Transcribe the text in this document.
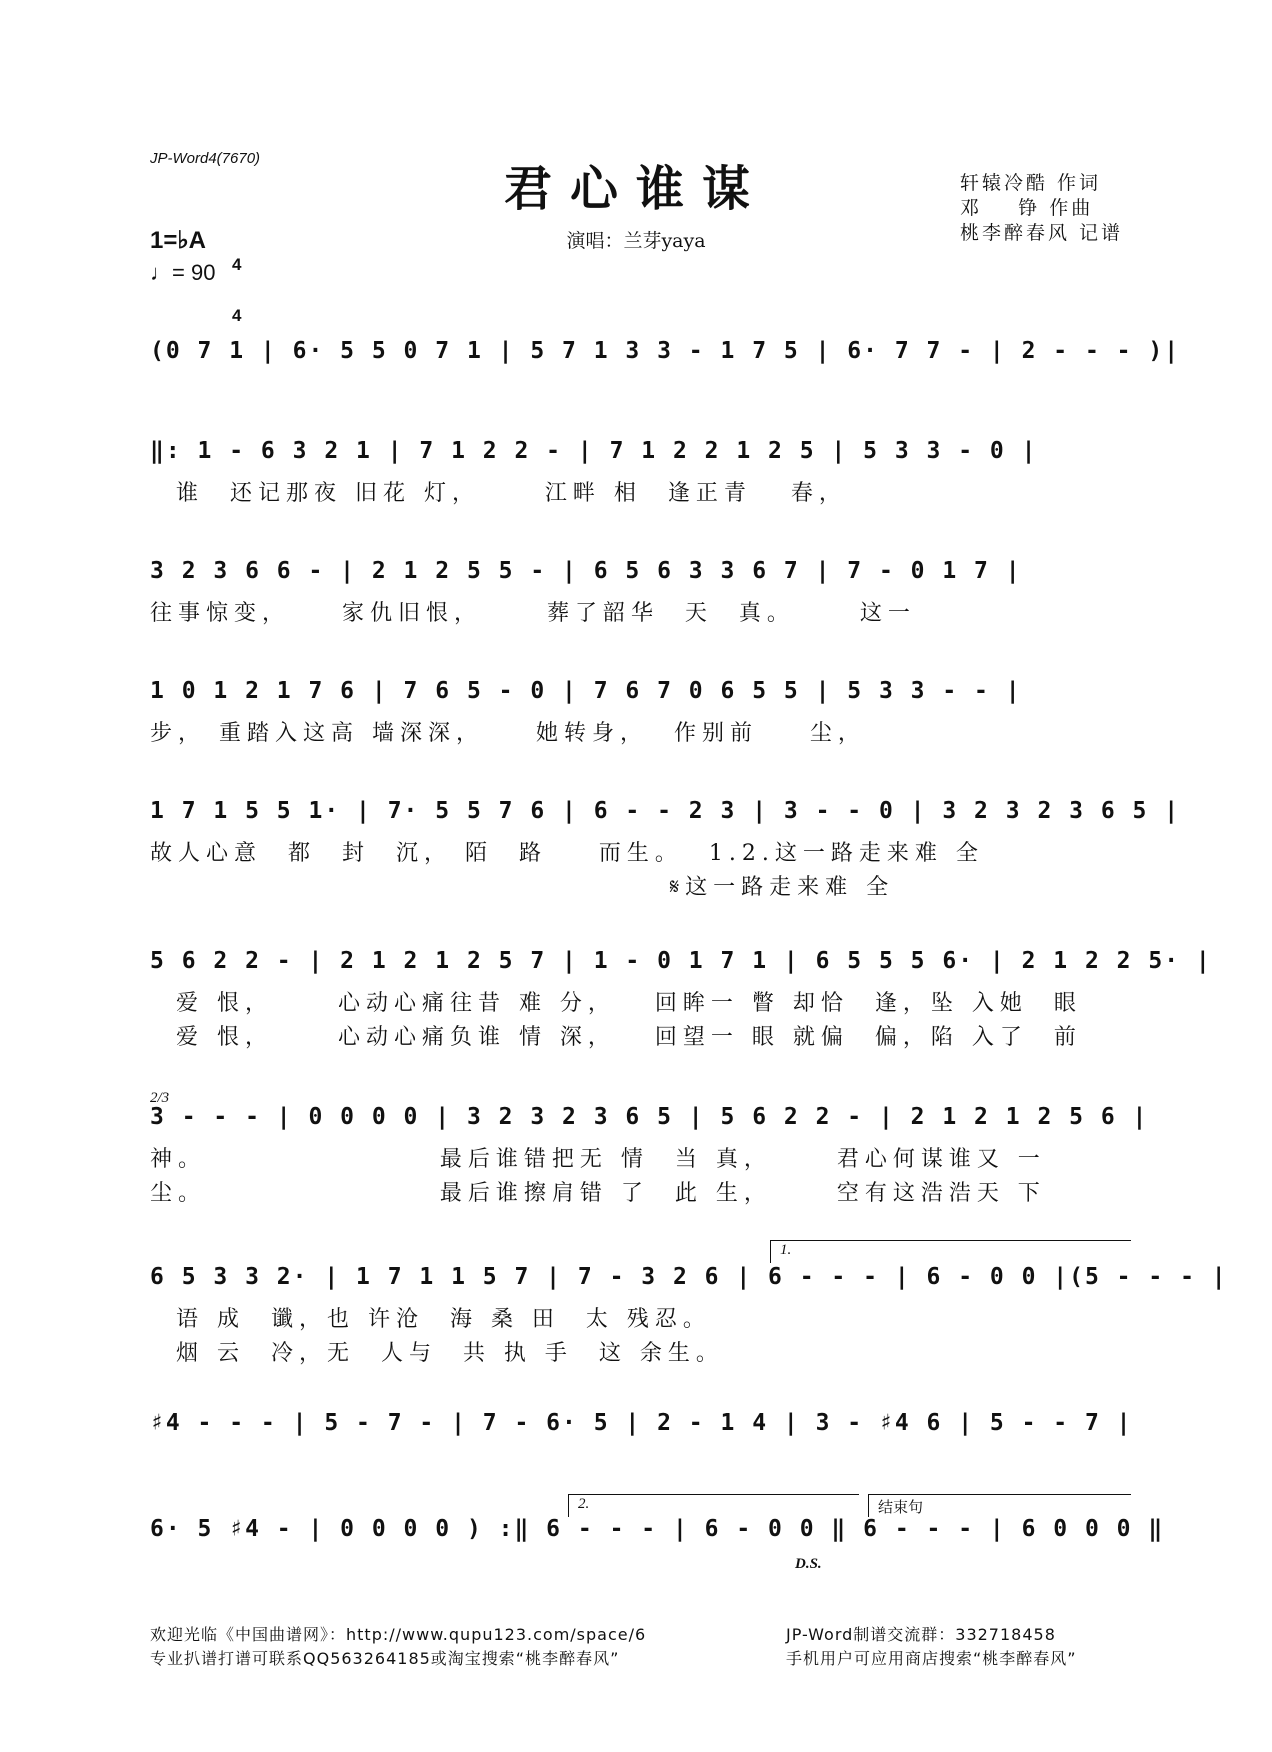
JP-Word4(7670)
君心谁谋
演唱：兰芽yaya
轩辕冷酷 作词
邓    铮 作曲
桃李醉春风 记谱
1=♭A

4

4

♩= 90
(0 7 1 | 6· 5 5 0 7 1 | 5 7 1 3 3 - 1 7 5 | 6· 7 7 - | 2 - - - )|
‖: 1 - 6 3 2 1 | 7 1 2 2 - | 7 1 2 2 1 2 5 | 5 3 3 - 0 |
谁  还记那夜 旧花 灯，     江畔 相  逢正青   春，
3 2 3 6 6 - | 2 1 2 5 5 - | 6 5 6 3 3 6 7 | 7 - 0 1 7 |
往事惊变，    家仇旧恨，     葬了韶华  天  真。     这一
1 0 1 2 1 7 6 | 7 6 5 - 0 | 7 6 7 0 6 5 5 | 5 3 3 - - |
步， 重踏入这高 墙深深，    她转身，  作别前    尘，
1 7 1 5 5 1· | 7· 5 5 7 6 | 6 - - 2 3 | 3 - - 0 | 3 2 3 2 3 6 5 |
故人心意  都  封  沉， 陌  路    而生。  1.2.这一路走来难 全
𝄋这一路走来难 全
5 6 2 2 - | 2 1 2 1 2 5 7 | 1 - 0 1 7 1 | 6 5 5 5 6· | 2 1 2 2 5· |
爱 恨，     心动心痛往昔 难 分，   回眸一 瞥 却恰  逢，坠 入她  眼
爱 恨，     心动心痛负谁 情 深，   回望一 眼 就偏  偏，陷 入了  前
2/3
3 - - - | 0 0 0 0 | 3 2 3 2 3 6 5 | 5 6 2 2 - | 2 1 2 1 2 5 6 |
神。                  最后谁错把无 情  当 真，     君心何谋谁又 一
尘。                  最后谁擦肩错 了  此 生，     空有这浩浩天 下
1.
6 5 3 3 2· | 1 7 1 1 5 7 | 7 - 3 2 6 | 6 - - - | 6 - 0 0 |(5 - - - |
语 成  谶，也 许沧  海 桑 田  太 残忍。
烟 云  冷，无  人与  共 执 手  这 余生。
♯4 - - - | 5 - 7 - | 7 - 6· 5 | 2 - 1 4 | 3 - ♯4 6 | 5 - - 7 |
2.	结束句
6· 5 ♯4 - | 0 0 0 0 ) :‖ 6 - - - | 6 - 0 0 ‖ 6 - - - | 6 0 0 0 ‖
D.S.
欢迎光临《中国曲谱网》：http://www.qupu123.com/space/6
专业扒谱打谱可联系QQ563264185或淘宝搜索“桃李醉春风”
JP-Word制谱交流群：332718458
手机用户可应用商店搜索“桃李醉春风”
